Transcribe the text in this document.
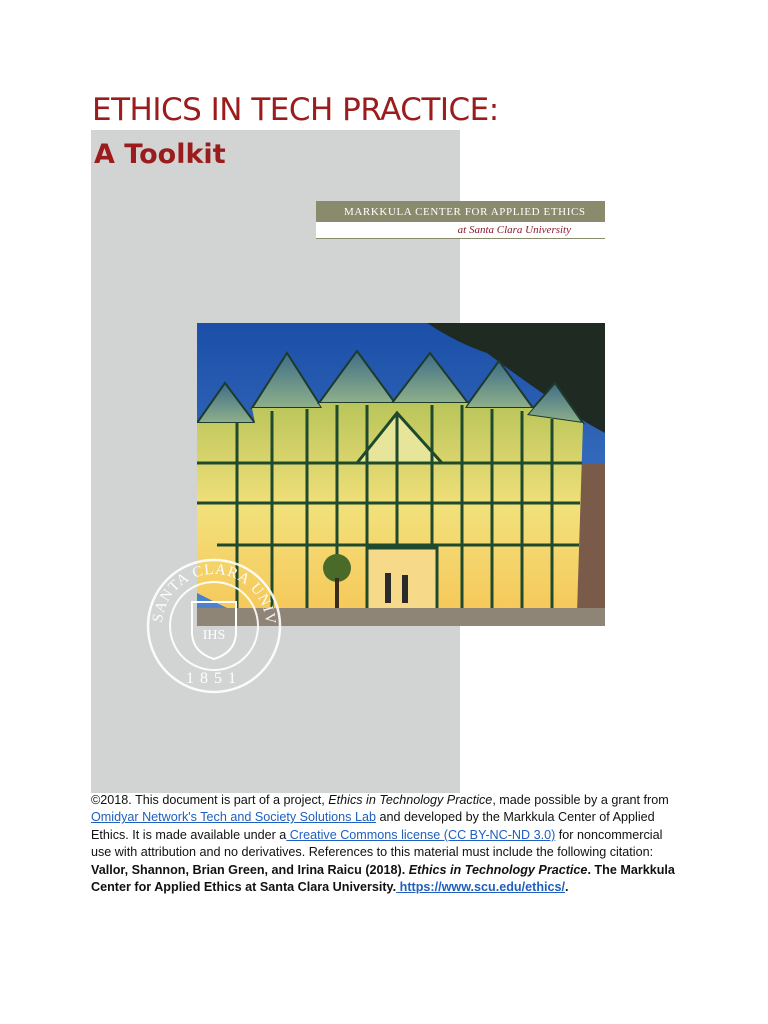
ETHICS IN TECH PRACTICE:
A Toolkit
MARKKULA CENTER FOR APPLIED ETHICS
at Santa Clara University
SANTA CLARA UNIV
IHS
1851
©2018. This document is part of a project, Ethics in Technology Practice, made possible by a grant from
Omidyar Network's Tech and Society Solutions Lab and developed by the Markkula Center of Applied
Ethics. It is made available under a Creative Commons license (CC BY-NC-ND 3.0) for noncommercial
use with attribution and no derivatives. References to this material must include the following citation:
Vallor, Shannon, Brian Green, and Irina Raicu (2018). Ethics in Technology Practice. The Markkula
Center for Applied Ethics at Santa Clara University. https://www.scu.edu/ethics/.
